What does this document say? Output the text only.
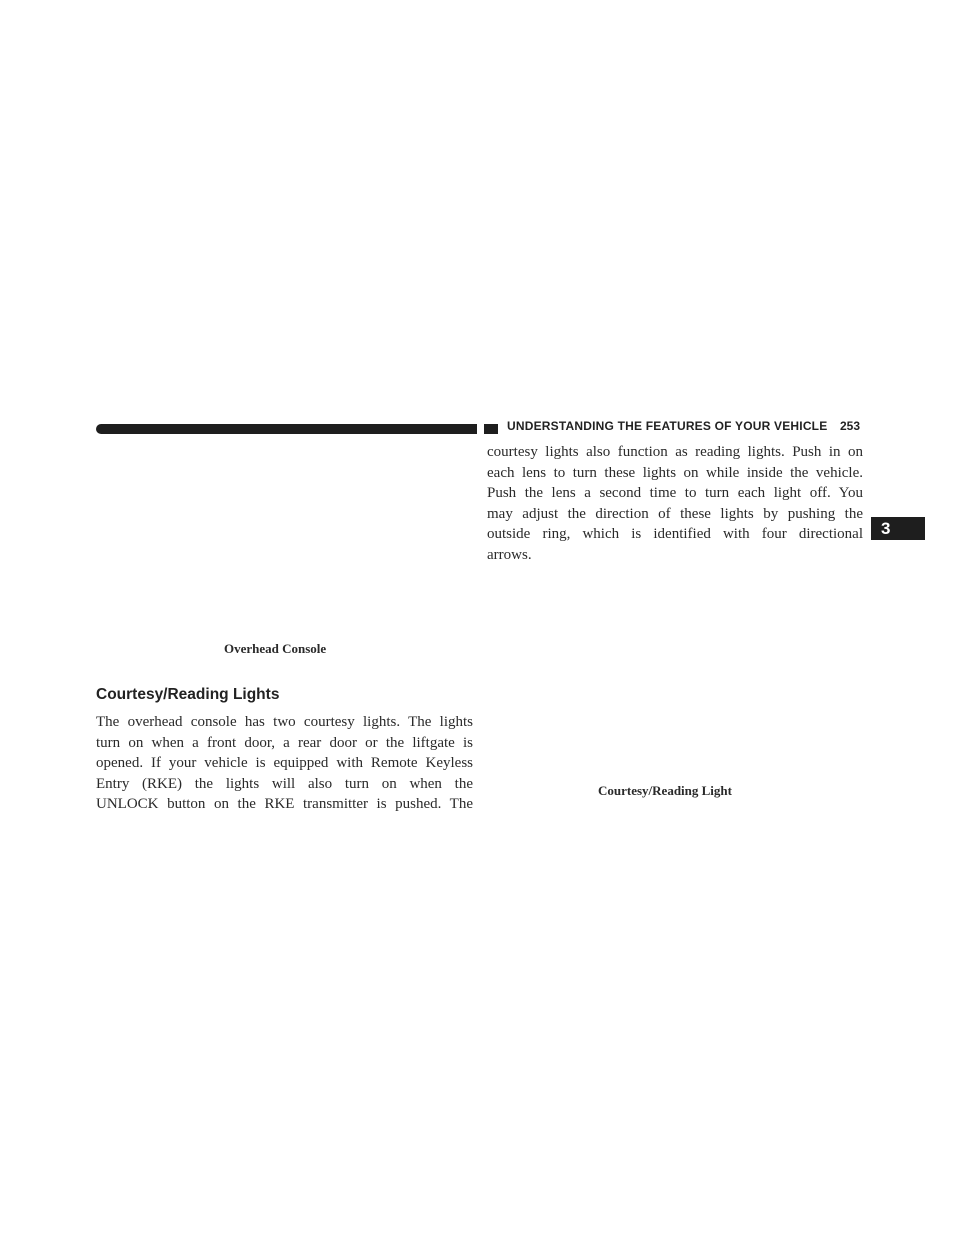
UNDERSTANDING THE FEATURES OF YOUR VEHICLE 253
3
Overhead Console
Courtesy/Reading Lights

The overhead console has two courtesy lights. The lights
turn on when a front door, a rear door or the liftgate is
opened. If your vehicle is equipped with Remote Keyless
Entry (RKE) the lights will also turn on when the
UNLOCK button on the RKE transmitter is pushed. The

courtesy lights also function as reading lights. Push in on
each lens to turn these lights on while inside the vehicle.
Push the lens a second time to turn each light off. You
may adjust the direction of these lights by pushing the
outside ring, which is identified with four directional
arrows.

Courtesy/Reading Light
